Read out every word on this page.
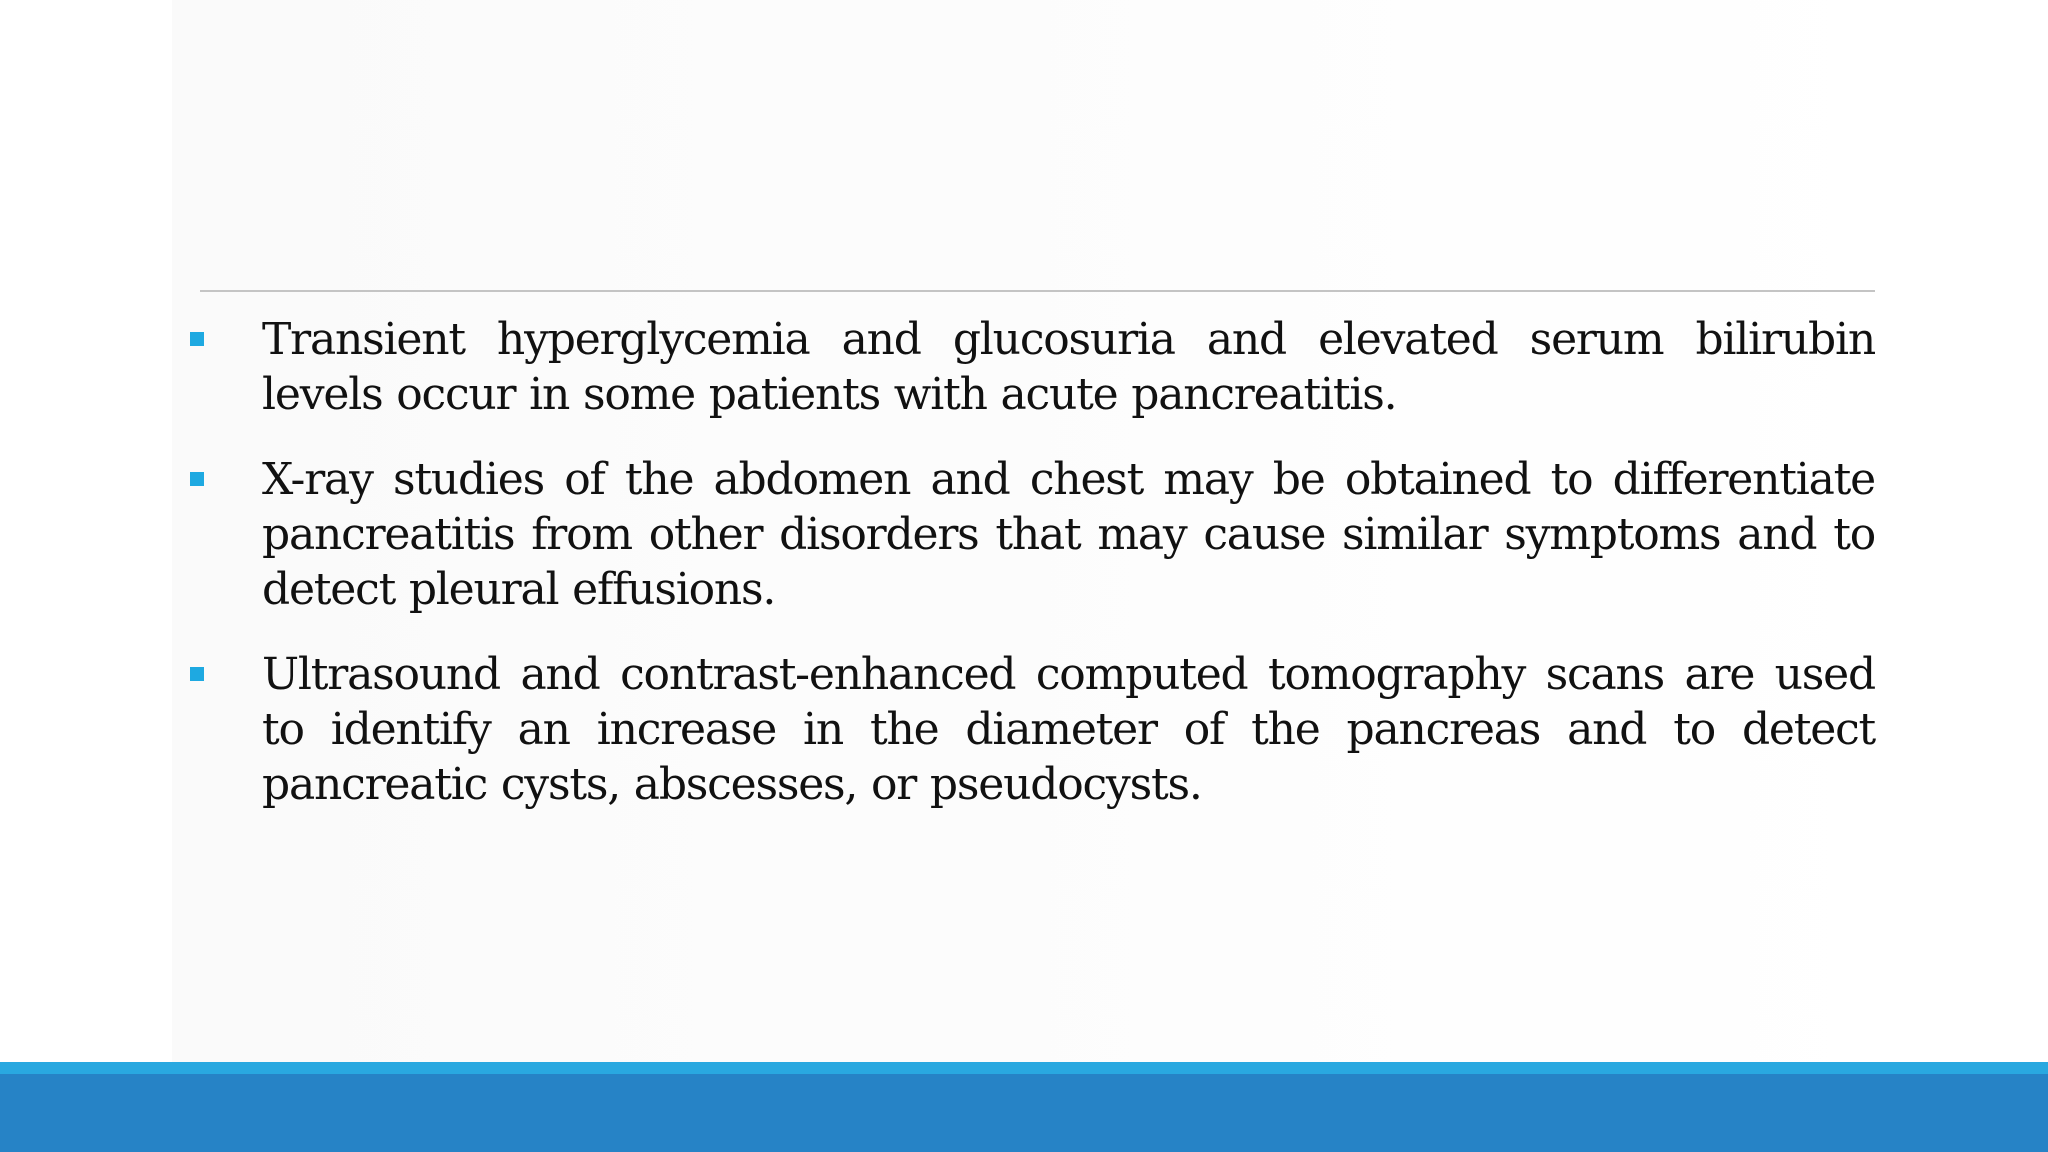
Transient hyperglycemia and glucosuria and elevated serum bilirubin levels occur in some patients with acute pancreatitis.
X-ray studies of the abdomen and chest may be obtained to differentiate pancreatitis from other disorders that may cause similar symptoms and to detect pleural effusions.
Ultrasound and contrast-enhanced computed tomography scans are used to identify an increase in the diameter of the pancreas and to detect pancreatic cysts, abscesses, or pseudocysts.
